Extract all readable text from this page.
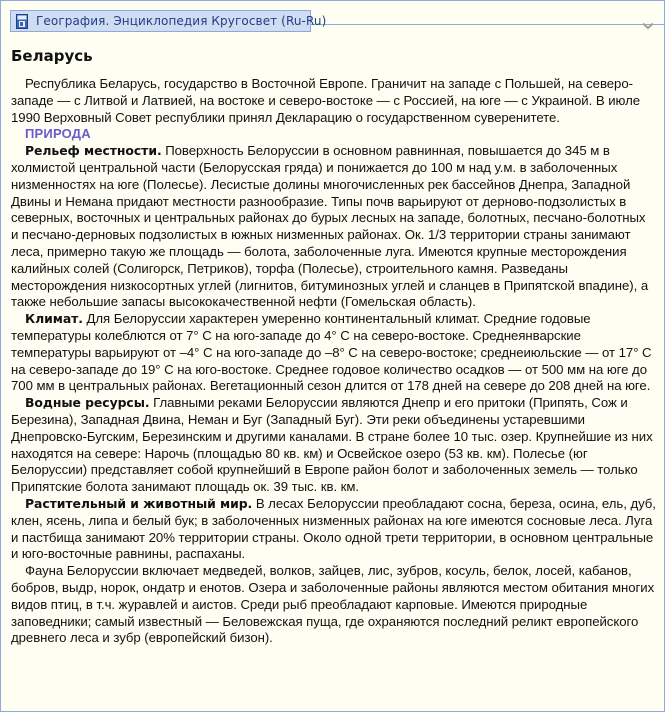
География. Энциклопедия Кругосвет (Ru-Ru)
Беларусь

Республика Беларусь, государство в Восточной Европе. Граничит на западе с Польшей, на северо-западе — с Литвой и Латвией, на востоке и северо-востоке — с Россией, на юге — с Украиной. В июле 1990 Верховный Совет республики принял Декларацию о государственном суверенитете.

ПРИРОДА

Рельеф местности. Поверхность Белоруссии в основном равнинная, повышается до 345 м в холмистой центральной части (Белорусская гряда) и понижается до 100 м над у.м. в заболоченных низменностях на юге (Полесье). Лесистые долины многочисленных рек бассейнов Днепра, Западной Двины и Немана придают местности разнообразие. Типы почв варьируют от дерново-подзолистых в северных, восточных и центральных районах до бурых лесных на западе, болотных, песчано-болотных и песчано-дерновых подзолистых в южных низменных районах. Ок. 1/3 территории страны занимают леса, примерно такую же площадь — болота, заболоченные луга. Имеются крупные месторождения калийных солей (Солигорск, Петриков), торфа (Полесье), строительного камня. Разведаны месторождения низкосортных углей (лигнитов, битуминозных углей и сланцев в Припятской впадине), а также небольшие запасы высококачественной нефти (Гомельская область).

Климат. Для Белоруссии характерен умеренно континентальный климат. Средние годовые температуры колеблются от 7° С на юго-западе до 4° С на северо-востоке. Среднеянварские температуры варьируют от –4° С на юго-западе до –8° С на северо-востоке; среднеиюльские — от 17° С на северо-западе до 19° С на юго-востоке. Среднее годовое количество осадков — от 500 мм на юге до 700 мм в центральных районах. Вегетационный сезон длится от 178 дней на севере до 208 дней на юге.

Водные ресурсы. Главными реками Белоруссии являются Днепр и его притоки (Припять, Сож и Березина), Западная Двина, Неман и Буг (Западный Буг). Эти реки объединены устаревшими Днепровско-Бугским, Березинским и другими каналами. В стране более 10 тыс. озер. Крупнейшие из них находятся на севере: Нарочь (площадью 80 кв. км) и Освейское озеро (53 кв. км). Полесье (юг Белоруссии) представляет собой крупнейший в Европе район болот и заболоченных земель — только Припятские болота занимают площадь ок. 39 тыс. кв. км.

Растительный и животный мир. В лесах Белоруссии преобладают сосна, береза, осина, ель, дуб, клен, ясень, липа и белый бук; в заболоченных низменных районах на юге имеются сосновые леса. Луга и пастбища занимают 20% территории страны. Около одной трети территории, в основном центральные и юго-восточные равнины, распаханы.

Фауна Белоруссии включает медведей, волков, зайцев, лис, зубров, косуль, белок, лосей, кабанов, бобров, выдр, норок, ондатр и енотов. Озера и заболоченные районы являются местом обитания многих видов птиц, в т.ч. журавлей и аистов. Среди рыб преобладают карповые. Имеются природные заповедники; самый известный — Беловежская пуща, где охраняются последний реликт европейского древнего леса и зубр (европейский бизон).
